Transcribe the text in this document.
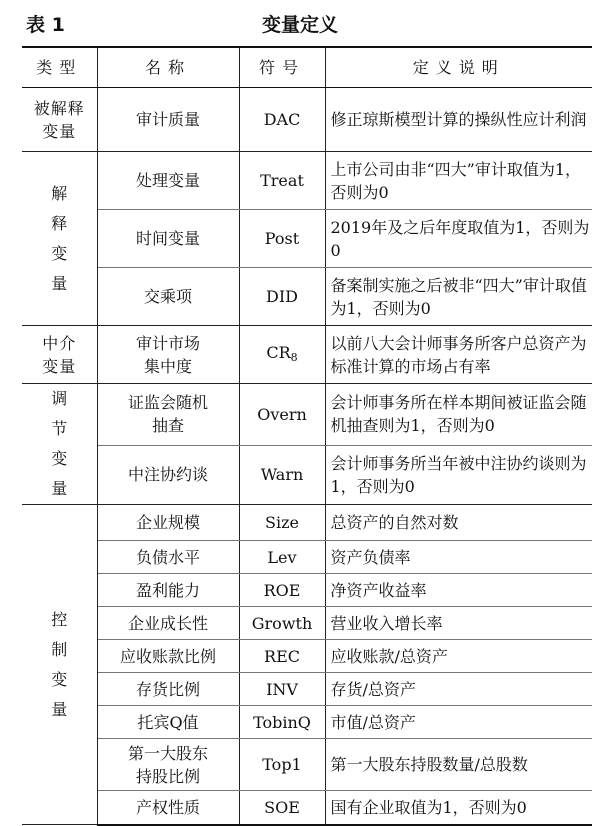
表 1	变量定义
类型	名称	符号	定义说明

被解释
变量	审计质量	DAC	修正琼斯模型计算的操纵性应计利润

解
释
变
量	处理变量	Treat	上市公司由非“四大”审计取值为1，否则为0

	时间变量	Post	2019年及之后年度取值为1，否则为0

	交乘项	DID	备案制实施之后被非“四大”审计取值为1，否则为0

中介
变量	审计市场
集中度	$CR_8$	以前八大会计师事务所客户总资产为标准计算的市场占有率

调
节
变
量	证监会随机
抽查	Overn	会计师事务所在样本期间被证监会随机抽查则为1，否则为0

	中注协约谈	Warn	会计师事务所当年被中注协约谈则为1，否则为0

控
制
变
量	企业规模	Size	总资产的自然对数

	负债水平	Lev	资产负债率

	盈利能力	ROE	净资产收益率

	企业成长性	Growth	营业收入增长率

	应收账款比例	REC	应收账款/总资产

	存货比例	INV	存货/总资产

	托宾Q值	TobinQ	市值/总资产

	第一大股东
持股比例	Top1	第一大股东持股数量/总股数

	产权性质	SOE	国有企业取值为1，否则为0
